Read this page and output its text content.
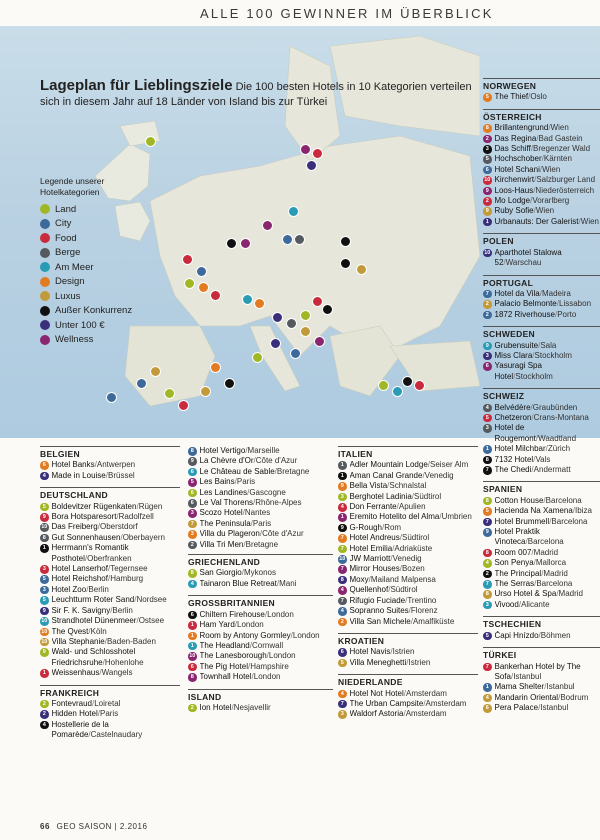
ALLE 100 GEWINNER IM ÜBERBLICK
Lageplan für Lieblingsziele Die 100 besten Hotels in 10 Kategorien verteilen sich in diesem Jahr auf 18 Länder von Island bis zur Türkei
Legende unserer Hotelkategorien
Land
City
Food
Berge
Am Meer
Design
Luxus
Außer Konkurrenz
Unter 100 €
Wellness
BELGIEN
6 Hotel Banks/Antwerpen
4 Made in Louise/Brüssel
DEUTSCHLAND
5 Boldevitzer Rügenkaten/Rügen
9 Bora Hotsparesort/Radolfzell
10 Das Freiberg/Oberstdorf
8 Gut Sonnenhausen/Oberbayern
1 Herrmann's Romantik Posthotel/Oberfranken
3 Hotel Lanserhof/Tegernsee
5 Hotel Reichshof/Hamburg
3 Hotel Zoo/Berlin
5 Leuchtturm Roter Sand/Nordsee
9 Sir F. K. Savigny/Berlin
10 Strandhotel Dünenmeer/Ostsee
10 The Qvest/Köln
10 Villa Stephanie/Baden-Baden
9 Wald- und Schlosshotel Friedrichsruhe/Hohenlohe
1 Weissenhaus/Wangels
FRANKREICH
2 Fontevraud/Loiretal
2 Hidden Hotel/Paris
4 Hostellerie de la Pomarède/Castelnaudary
8 Hotel Vertigo/Marseille
9 La Chèvre d'Or/Côte d'Azur
6 Le Château de Sable/Bretagne
5 Les Bains/Paris
6 Les Landines/Gascogne
6 Le Val Thorens/Rhône-Alpes
3 Scozo Hotel/Nantes
7 The Peninsula/Paris
3 Villa du Plageron/Côte d'Azur
2 Villa Tri Men/Bretagne
GRIECHENLAND
8 San Giorgio/Mykonos
4 Tainaron Blue Retreat/Mani
GROSSBRITANNIEN
6 Chiltern Firehouse/London
1 Ham Yard/London
1 Room by Antony Gormley/London
1 The Headland/Cornwall
10 The Lanesborough/London
6 The Pig Hotel/Hampshire
8 Townhall Hotel/London
ISLAND
2 Ion Hotel/Nesjavellir
ITALIEN
1 Adler Mountain Lodge/Seiser Alm
1 Aman Canal Grande/Venedig
9 Bella Vista/Schnalstal
3 Berghotel Ladinia/Südtirol
4 Don Ferrante/Apulien
1 Eremito Hotelito del Alma/Umbrien
9 G-Rough/Rom
7 Hotel Andreus/Südtirol
7 Hotel Emilia/Adriaküste
10 JW Marriott/Venedig
7 Mirror Houses/Bozen
8 Moxy/Mailand Malpensa
4 Quellenhof/Südtirol
7 Rifugio Fuciade/Trentino
4 Sopranno Suites/Florenz
2 Villa San Michele/Amalfiküste
KROATIEN
6 Hotel Navis/Istrien
5 Villa Meneghetti/Istrien
NIEDERLANDE
4 Hotel Not Hotel/Amsterdam
7 The Urban Campsite/Amsterdam
3 Waldorf Astoria/Amsterdam
NORWEGEN
5 The Thief/Oslo
ÖSTERREICH
8 Brillantengrund/Wien
2 Das Regina/Bad Gastein
3 Das Schiff/Bregenzer Wald
5 Hochschober/Kärnten
6 Hotel Schani/Wien
10 Kirchenwirt/Salzburger Land
9 Loos-Haus/Niederösterreich
2 Mo Lodge/Vorarlberg
9 Ruby Sofie/Wien
1 Urbanauts: Der Galerist/Wien
POLEN
10 Aparthotel Stalowa 52/Warschau
PORTUGAL
7 Hotel da Vila/Madeira
2 Palacio Belmonte/Lissabon
2 1872 Riverhouse/Porto
SCHWEDEN
9 Grubensuite/Sala
3 Miss Clara/Stockholm
6 Yasuragi Spa Hotel/Stockholm
SCHWEIZ
4 Belvédère/Graubünden
5 Chetzeron/Crans-Montana
3 Hotel de Rougemont/Waadtland
1 Hotel Milchbar/Zürich
8 7132 Hotel/Vals
7 The Chedi/Andermatt
SPANIEN
8 Cotton House/Barcelona
5 Hacienda Na Xamena/Ibiza
7 Hotel Brummell/Barcelona
9 Hotel Praktik Vinoteca/Barcelona
8 Room 007/Madrid
4 Son Penya/Mallorca
2 The Principal/Madrid
7 The Serras/Barcelona
8 Urso Hotel & Spa/Madrid
3 Vivood/Alicante
TSCHECHIEN
5 Čapi Hnízdo/Böhmen
TÜRKEI
7 Bankerhan Hotel by The Sofa/Istanbul
1 Mama Shelter/Istanbul
4 Mandarin Oriental/Bodrum
6 Pera Palace/Istanbul
66 GEO SAISON | 2.2016
